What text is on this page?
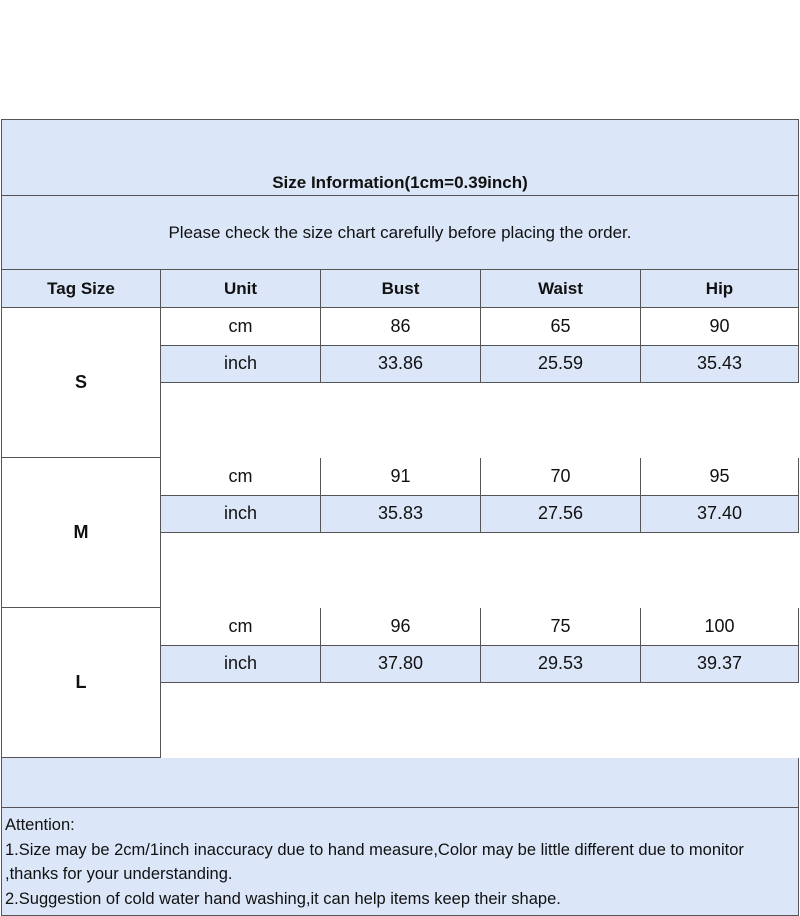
Size Information(1cm=0.39inch)
Please check the size chart carefully before placing the order.
Tag Size	Unit	Bust	Waist	Hip
S
cm	86	65	90
inch	33.86	25.59	35.43
M
cm	91	70	95
inch	35.83	27.56	37.40
L
cm	96	75	100
inch	37.80	29.53	39.37
Attention:
1.Size may be 2cm/1inch inaccuracy due to hand measure,Color may be little different due to monitor ,thanks for your understanding.
2.Suggestion of cold water hand washing,it can help items keep their shape.
